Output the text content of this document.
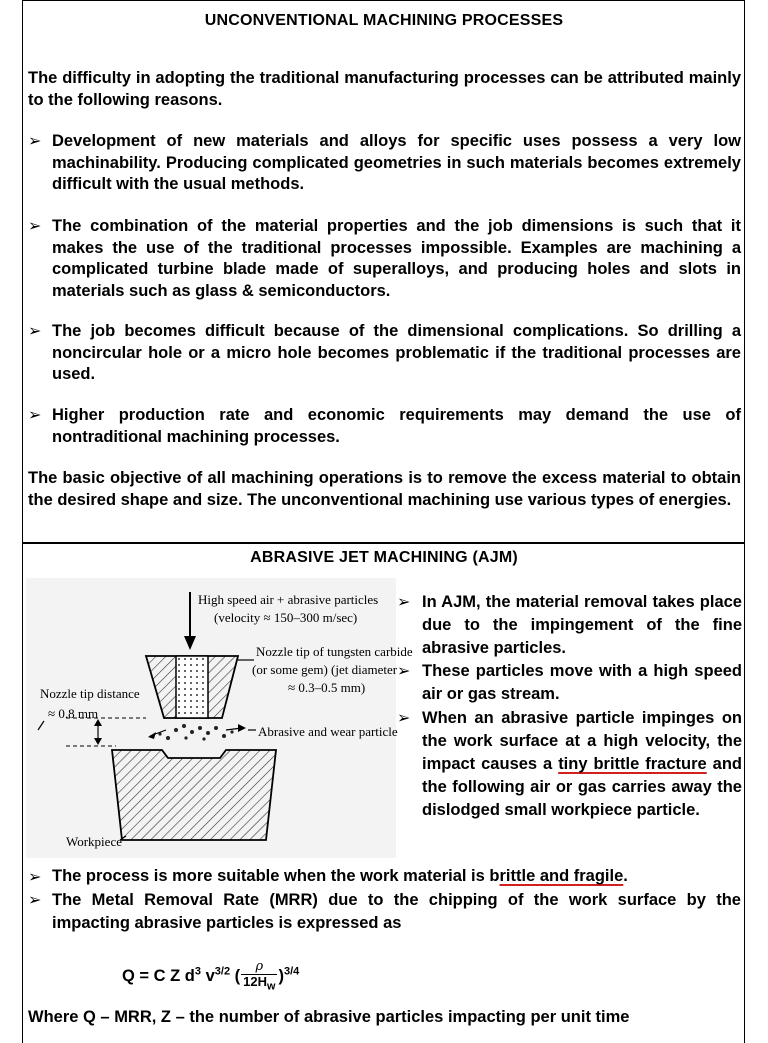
UNCONVENTIONAL MACHINING PROCESSES
The difficulty in adopting the traditional manufacturing processes can be attributed mainly to the following reasons.
➢ Development of new materials and alloys for specific uses possess a very low machinability. Producing complicated geometries in such materials becomes extremely difficult with the usual methods.
➢ The combination of the material properties and the job dimensions is such that it makes the use of the traditional processes impossible. Examples are machining a complicated turbine blade made of superalloys, and producing holes and slots in materials such as glass & semiconductors.
➢ The job becomes difficult because of the dimensional complications. So drilling a noncircular hole or a micro hole becomes problematic if the traditional processes are used.
➢ Higher production rate and economic requirements may demand the use of nontraditional machining processes.
The basic objective of all machining operations is to remove the excess material to obtain the desired shape and size. The unconventional machining use various types of energies.
ABRASIVE JET MACHINING (AJM)
High speed air + abrasive particles
(velocity ≈ 150–300 m/sec)
Nozzle tip of tungsten carbide
(or some gem) (jet diameter
≈ 0.3–0.5 mm)
Nozzle tip distance
≈ 0.8 mm
Abrasive and wear particle
Workpiece
➢ In AJM, the material removal takes place due to the impingement of the fine abrasive particles.
➢ These particles move with a high speed air or gas stream.
➢ When an abrasive particle impinges on the work surface at a high velocity, the impact causes a tiny brittle fracture and the following air or gas carries away the dislodged small workpiece particle.
➢ The process is more suitable when the work material is brittle and fragile.
➢ The Metal Removal Rate (MRR) due to the chipping of the work surface by the impacting abrasive particles is expressed as
Q = C Z $d^3$ $v^{3/2}$ ( $\frac{\rho}{12H_w} )^{3/4}$
Where Q – MRR, Z – the number of abrasive particles impacting per unit time
